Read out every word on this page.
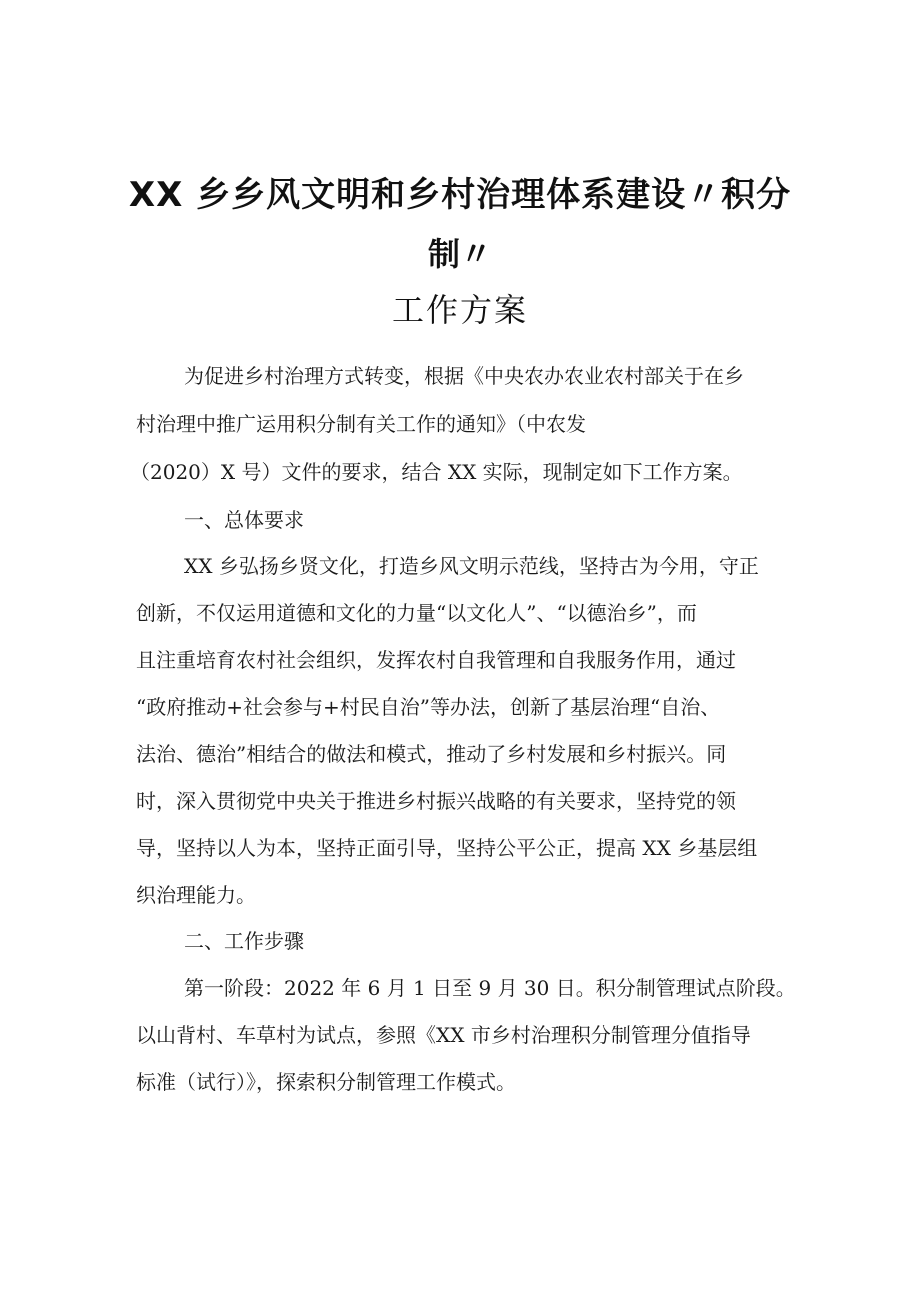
XX 乡乡风文明和乡村治理体系建设〃积分
制〃
工作方案
为促进乡村治理方式转变，根据《中央农办农业农村部关于在乡
村治理中推广运用积分制有关工作的通知》（中农发
（2020）X 号）文件的要求，结合 XX 实际，现制定如下工作方案。
一、总体要求
XX 乡弘扬乡贤文化，打造乡风文明示范线，坚持古为今用，守正
创新，不仅运用道德和文化的力量“以文化人”、“以德治乡”，而
且注重培育农村社会组织，发挥农村自我管理和自我服务作用，通过
“政府推动+社会参与+村民自治”等办法，创新了基层治理“自治、
法治、德治”相结合的做法和模式，推动了乡村发展和乡村振兴。同
时，深入贯彻党中央关于推进乡村振兴战略的有关要求，坚持党的领
导，坚持以人为本，坚持正面引导，坚持公平公正，提高 XX 乡基层组
织治理能力。
二、工作步骤
第一阶段：2022 年 6 月 1 日至 9 月 30 日。积分制管理试点阶段。
以山背村、车草村为试点，参照《XX 市乡村治理积分制管理分值指导
标准（试行）》，探索积分制管理工作模式。
